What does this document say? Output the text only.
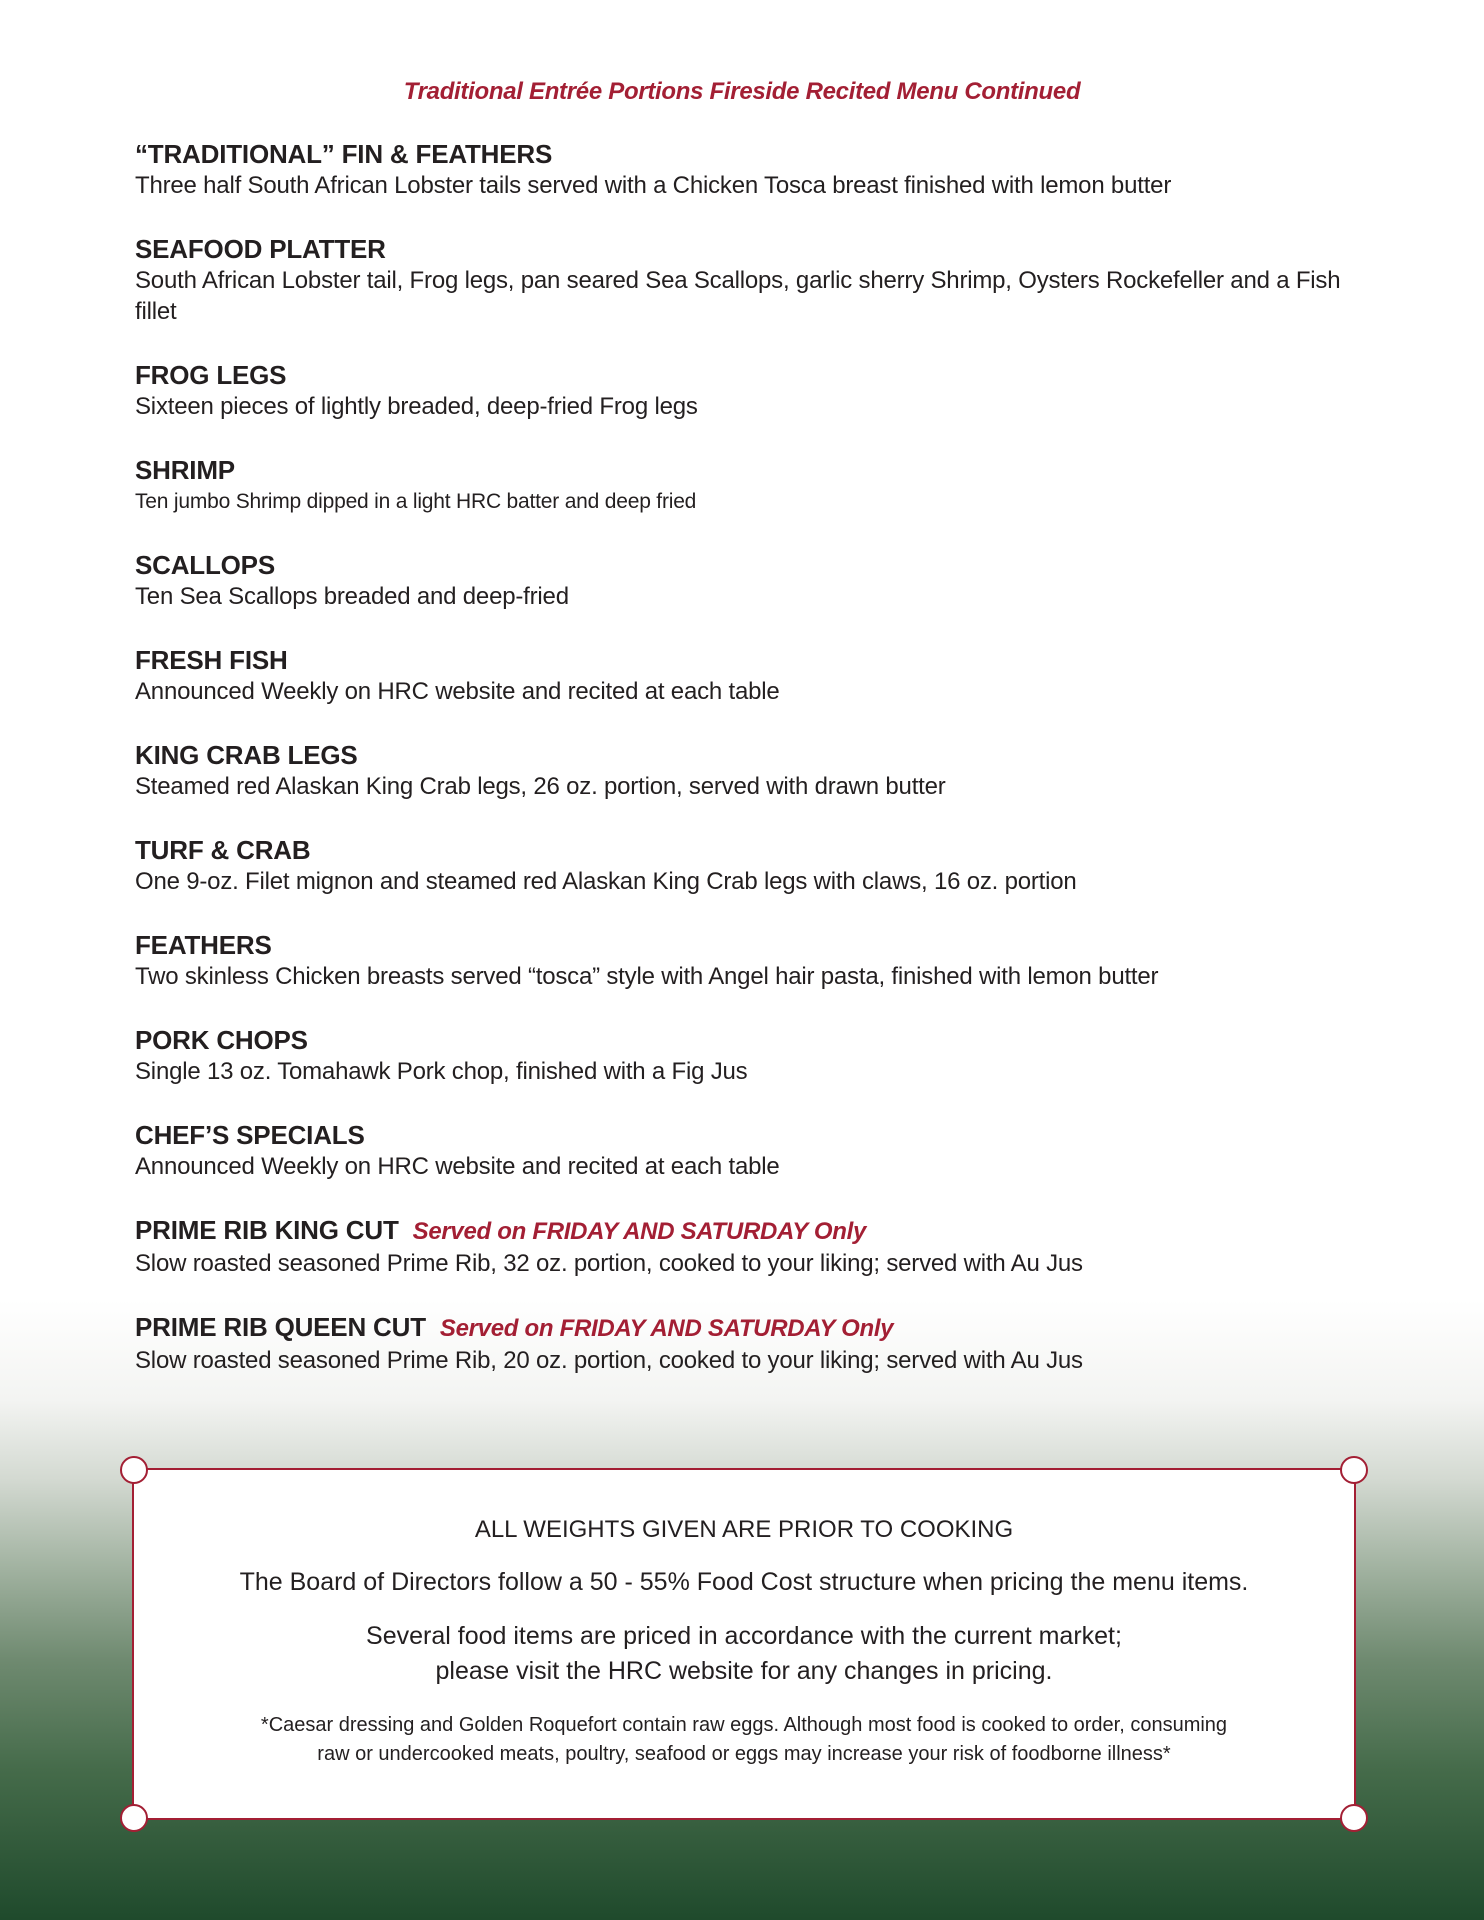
Traditional Entrée Portions Fireside Recited Menu Continued
“TRADITIONAL” FIN & FEATHERS
Three half South African Lobster tails served with a Chicken Tosca breast finished with lemon butter
SEAFOOD PLATTER
South African Lobster tail, Frog legs, pan seared Sea Scallops, garlic sherry Shrimp, Oysters Rockefeller and a Fish fillet
FROG LEGS
Sixteen pieces of lightly breaded, deep-fried Frog legs
SHRIMP
Ten jumbo Shrimp dipped in a light HRC batter and deep fried
SCALLOPS
Ten Sea Scallops breaded and deep-fried
FRESH FISH
Announced Weekly on HRC website and recited at each table
KING CRAB LEGS
Steamed red Alaskan King Crab legs, 26 oz. portion, served with drawn butter
TURF & CRAB
One 9-oz. Filet mignon and steamed red Alaskan King Crab legs with claws, 16 oz. portion
FEATHERS
Two skinless Chicken breasts served “tosca” style with Angel hair pasta, finished with lemon butter
PORK CHOPS
Single 13 oz. Tomahawk Pork chop, finished with a Fig Jus
CHEF’S SPECIALS
Announced Weekly on HRC website and recited at each table
PRIME RIB KING CUT Served on FRIDAY AND SATURDAY Only
Slow roasted seasoned Prime Rib, 32 oz. portion, cooked to your liking; served with Au Jus
PRIME RIB QUEEN CUT Served on FRIDAY AND SATURDAY Only
Slow roasted seasoned Prime Rib, 20 oz. portion, cooked to your liking; served with Au Jus
ALL WEIGHTS GIVEN ARE PRIOR TO COOKING
The Board of Directors follow a 50 - 55% Food Cost structure when pricing the menu items.
Several food items are priced in accordance with the current market;
please visit the HRC website for any changes in pricing.
*Caesar dressing and Golden Roquefort contain raw eggs. Although most food is cooked to order, consuming
raw or undercooked meats, poultry, seafood or eggs may increase your risk of foodborne illness*
